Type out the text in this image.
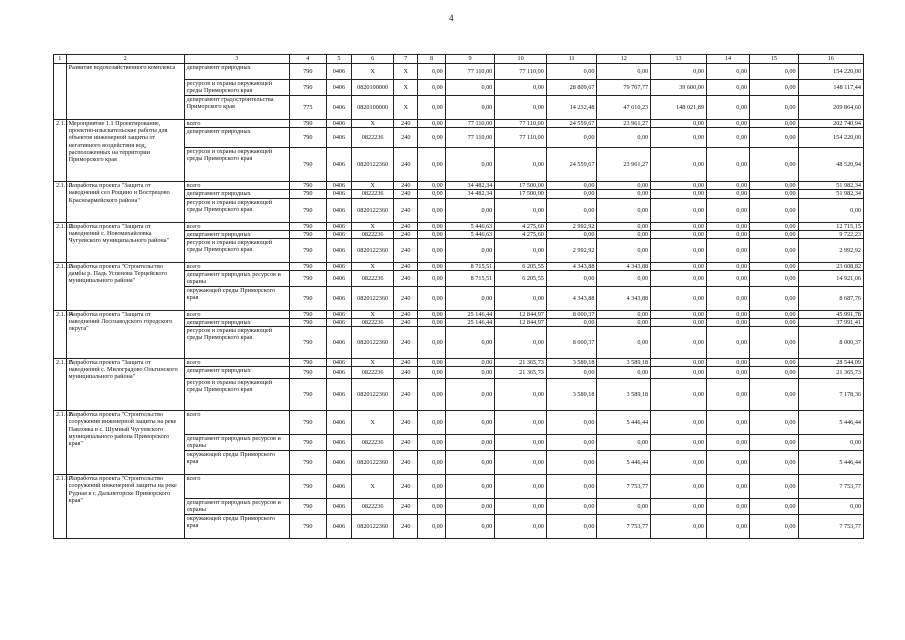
4
1	2	3	4	5	6	7	8	9	10	11	12	13	14	15	16
	Развитие водохозяйственного комплекса	департамент природных	790	0406	X	X	0,00	77 110,00	77 110,00	0,00	0,00	0,00	0,00	0,00	154 220,00
		ресурсов и охраны окружающей среды Приморского края	790	0406	0820100000	X	0,00	0,00	0,00	28 809,67	79 707,77	39 600,00	0,00	0,00	148 117,44
		департамент градостроительства Приморского края	775	0406	0820100000	X	0,00	0,00	0,00	14 232,48	47 610,23	148 021,89	0,00	0,00	209 864,60
2.1.1	Мероприятие 1.1 Проектирование, проектно-изыскательские работы для объектов инженерной защиты от негативного воздействия вод, расположенных на территории Приморского края	всего	790	0406	X	240	0,00	77 110,00	77 110,00	24 559,67	23 961,27	0,00	0,00	0,00	202 740,94
		департамент природных	790	0406	0822236	240	0,00	77 110,00	77 110,00	0,00	0,00	0,00	0,00	0,00	154 220,00
		ресурсов и охраны окружающей среды Приморского края	790	0406	0820122360	240	0,00	0,00	0,00	24 559,67	23 961,27	0,00	0,00	0,00	48 520,94
2.1.1.1	Разработка проекта "Защита от наводнений сел Рощино и Вострецово Красноармейского района"	всего	790	0406	X	240	0,00	34 482,34	17 500,00	0,00	0,00	0,00	0,00	0,00	51 982,34
		департамент природных	790	0406	0822236	240	0,00	34 482,34	17 500,00	0,00	0,00	0,00	0,00	0,00	51 982,34
		ресурсов и охраны окружающей среды Приморского края	790	0406	0820122360	240	0,00	0,00	0,00	0,00	0,00	0,00	0,00	0,00	0,00
2.1.1.2	Разработка проекта "Защита от наводнений с. Новомихайловка Чугуевского муниципального района"	всего	790	0406	X	240	0,00	5 446,63	4 275,60	2 992,92	0,00	0,00	0,00	0,00	12 715,15
		департамент природных	790	0406	0822236	240	0,00	5 446,63	4 275,60	0,00	0,00	0,00	0,00	0,00	9 722,23
		ресурсов и охраны окружающей среды Приморского края	790	0406	0820122360	240	0,00	0,00	0,00	2 992,92	0,00	0,00	0,00	0,00	2 992,92
2.1.1.3	Разработка проекта "Строительство дамбы р. Падь Успенова Терцейского муниципального района"	всего	790	0406	X	240	0,00	8 715,51	6 205,55	4 343,88	4 343,88	0,00	0,00	0,00	23 608,82
		департамент природных ресурсов и охраны	790	0406	0822236	240	0,00	8 715,51	6 205,55	0,00	0,00	0,00	0,00	0,00	14 921,06
		окружающей среды Приморского края	790	0406	0820122360	240	0,00	0,00	0,00	4 343,88	4 343,88	0,00	0,00	0,00	8 687,76
2.1.1.4	Разработка проекта "Защита от наводнений Лесозаводского городского округа"	всего	790	0406	X	240	0,00	25 146,44	12 844,97	8 000,37	0,00	0,00	0,00	0,00	45 991,78
		департамент природных	790	0406	0822236	240	0,00	25 146,44	12 844,97	0,00	0,00	0,00	0,00	0,00	37 991,41
		ресурсов и охраны окружающей среды Приморского края	790	0406	0820122360	240	0,00	0,00	0,00	8 000,37	0,00	0,00	0,00	0,00	8 000,37
2.1.1.5	Разработка проекта "Защита от наводнений с. Милоградово Ольгинского муниципального района"	всего	790	0406	X	240	0,00	0,00	21 365,73	3 589,18	3 589,18	0,00	0,00	0,00	28 544,09
		департамент природных	790	0406	0822236	240	0,00	0,00	21 365,73	0,00	0,00	0,00	0,00	0,00	21 365,73
		ресурсов и охраны окружающей среды Приморского края	790	0406	0820122360	240	0,00	0,00	0,00	3 589,18	3 589,18	0,00	0,00	0,00	7 178,36
2.1.1.6	Разработка проекта "Строительство сооружения инженерной защиты на реке Павловка в с. Шумный Чугуевского муниципального района Приморского края"	всего	790	0406	X	240	0,00	0,00	0,00	0,00	5 446,44	0,00	0,00	0,00	5 446,44
		департамент природных ресурсов и охраны	790	0406	0822236	240	0,00	0,00	0,00	0,00	0,00	0,00	0,00	0,00	0,00
		окружающей среды Приморского края	790	0406	0820122360	240	0,00	0,00	0,00	0,00	5 446,44	0,00	0,00	0,00	5 446,44
2.1.1.7	Разработка проекта "Строительство сооружений инженерной защиты на реке Рудная в г. Дальнегорске Приморского края"	всего	790	0406	X	240	0,00	0,00	0,00	0,00	7 753,77	0,00	0,00	0,00	7 753,77
		департамент природных ресурсов и охраны	790	0406	0822236	240	0,00	0,00	0,00	0,00	0,00	0,00	0,00	0,00	0,00
		окружающей среды Приморского края	790	0406	0820122360	240	0,00	0,00	0,00	0,00	7 753,77	0,00	0,00	0,00	7 753,77
